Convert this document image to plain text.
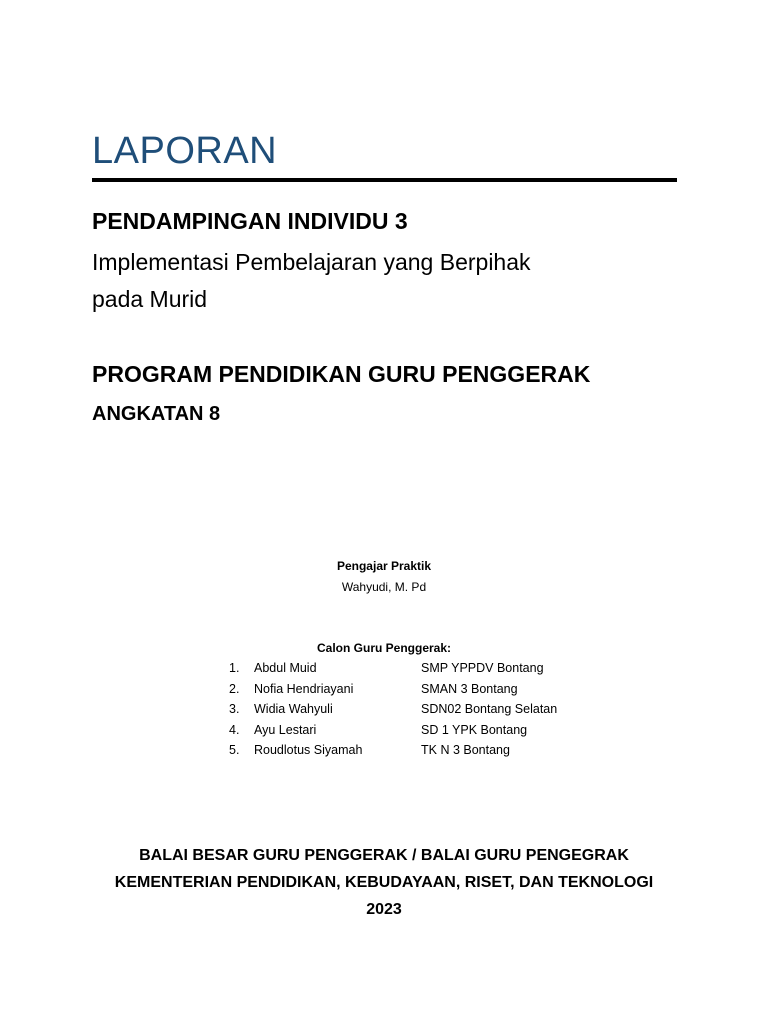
LAPORAN
PENDAMPINGAN INDIVIDU 3

Implementasi Pembelajaran yang Berpihak
pada Murid

PROGRAM PENDIDIKAN GURU PENGGERAK
ANGKATAN 8
Pengajar Praktik
Wahyudi, M. Pd
Calon Guru Penggerak:
1.	Abdul Muid	SMP YPPDV Bontang
2.	Nofia Hendriayani	SMAN 3 Bontang
3.	Widia Wahyuli	SDN02 Bontang Selatan
4.	Ayu Lestari	SD 1 YPK Bontang
5.	Roudlotus Siyamah	TK N 3 Bontang
BALAI BESAR GURU PENGGERAK / BALAI GURU PENGEGRAK
KEMENTERIAN PENDIDIKAN, KEBUDAYAAN, RISET, DAN TEKNOLOGI
2023
